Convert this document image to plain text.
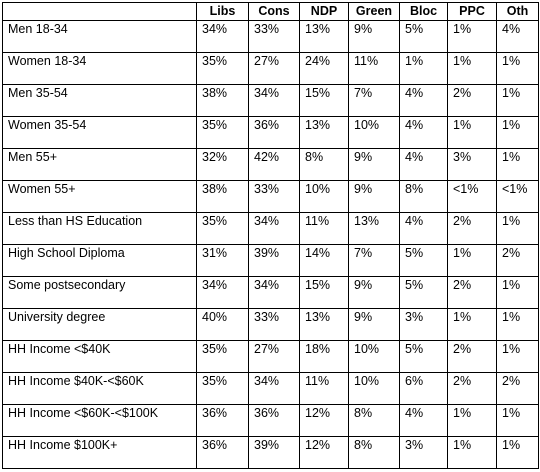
	Libs	Cons	NDP	Green	Bloc	PPC	Oth
Men 18-34	34%	33%	13%	9%	5%	1%	4%
Women 18-34	35%	27%	24%	11%	1%	1%	1%
Men 35-54	38%	34%	15%	7%	4%	2%	1%
Women 35-54	35%	36%	13%	10%	4%	1%	1%
Men 55+	32%	42%	8%	9%	4%	3%	1%
Women 55+	38%	33%	10%	9%	8%	<1%	<1%
Less than HS Education	35%	34%	11%	13%	4%	2%	1%
High School Diploma	31%	39%	14%	7%	5%	1%	2%
Some postsecondary	34%	34%	15%	9%	5%	2%	1%
University degree	40%	33%	13%	9%	3%	1%	1%
HH Income <$40K	35%	27%	18%	10%	5%	2%	1%
HH Income $40K-<$60K	35%	34%	11%	10%	6%	2%	2%
HH Income <$60K-<$100K	36%	36%	12%	8%	4%	1%	1%
HH Income $100K+	36%	39%	12%	8%	3%	1%	1%
